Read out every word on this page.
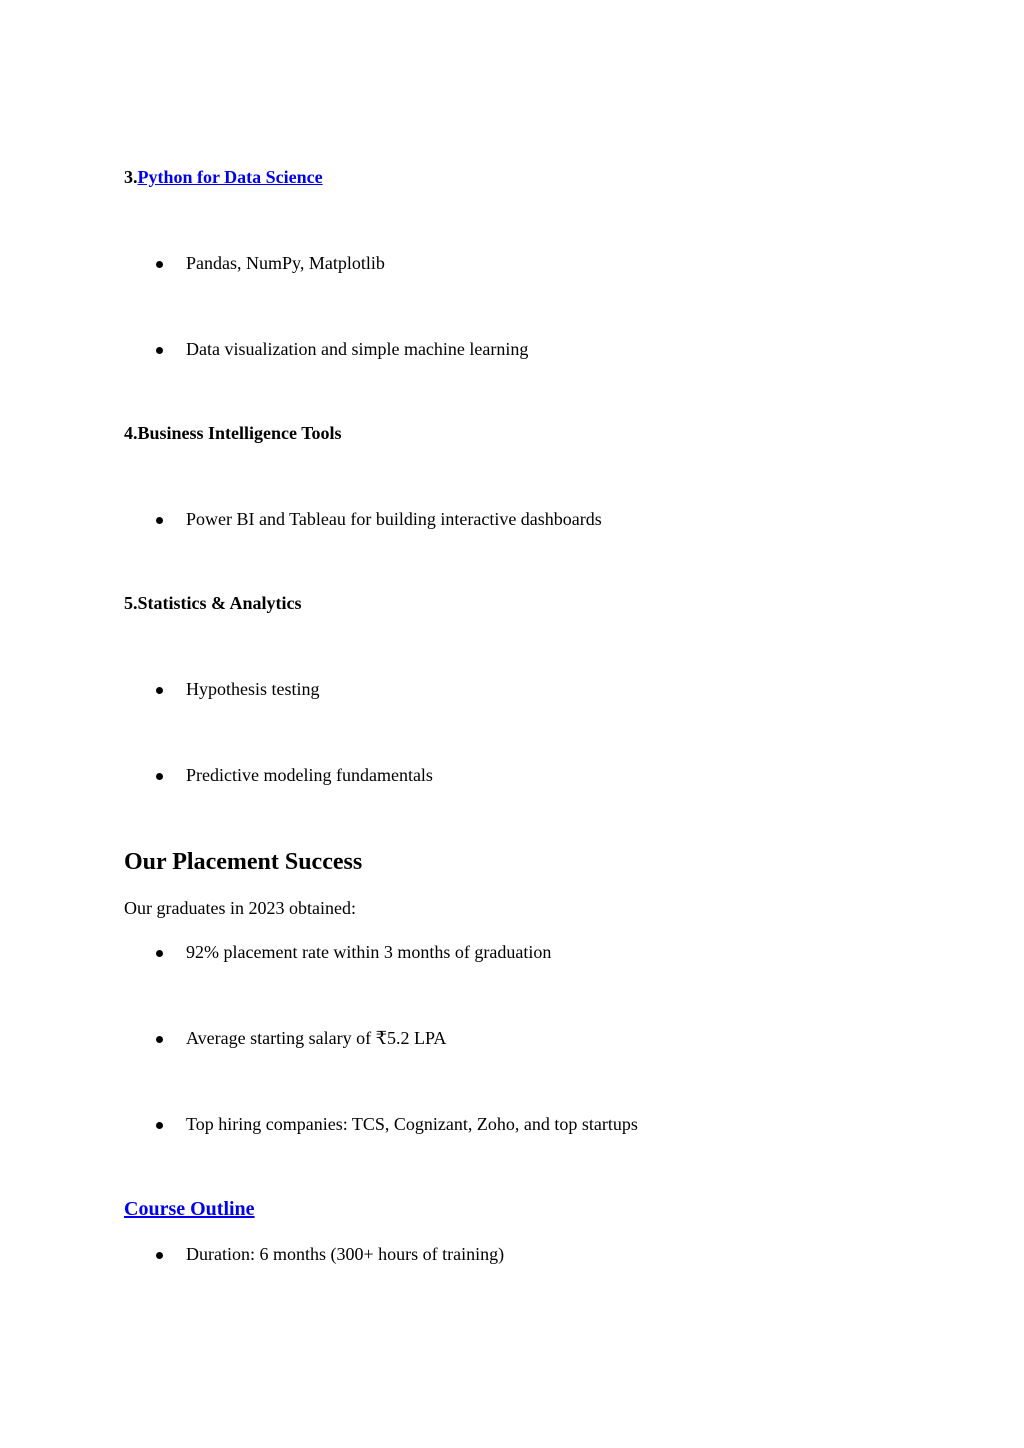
3.Python for Data Science
Pandas, NumPy, Matplotlib
Data visualization and simple machine learning
4.Business Intelligence Tools
Power BI and Tableau for building interactive dashboards
5.Statistics & Analytics
Hypothesis testing
Predictive modeling fundamentals
Our Placement Success
Our graduates in 2023 obtained:
92% placement rate within 3 months of graduation
Average starting salary of ₹5.2 LPA
Top hiring companies: TCS, Cognizant, Zoho, and top startups
Course Outline
Duration: 6 months (300+ hours of training)
